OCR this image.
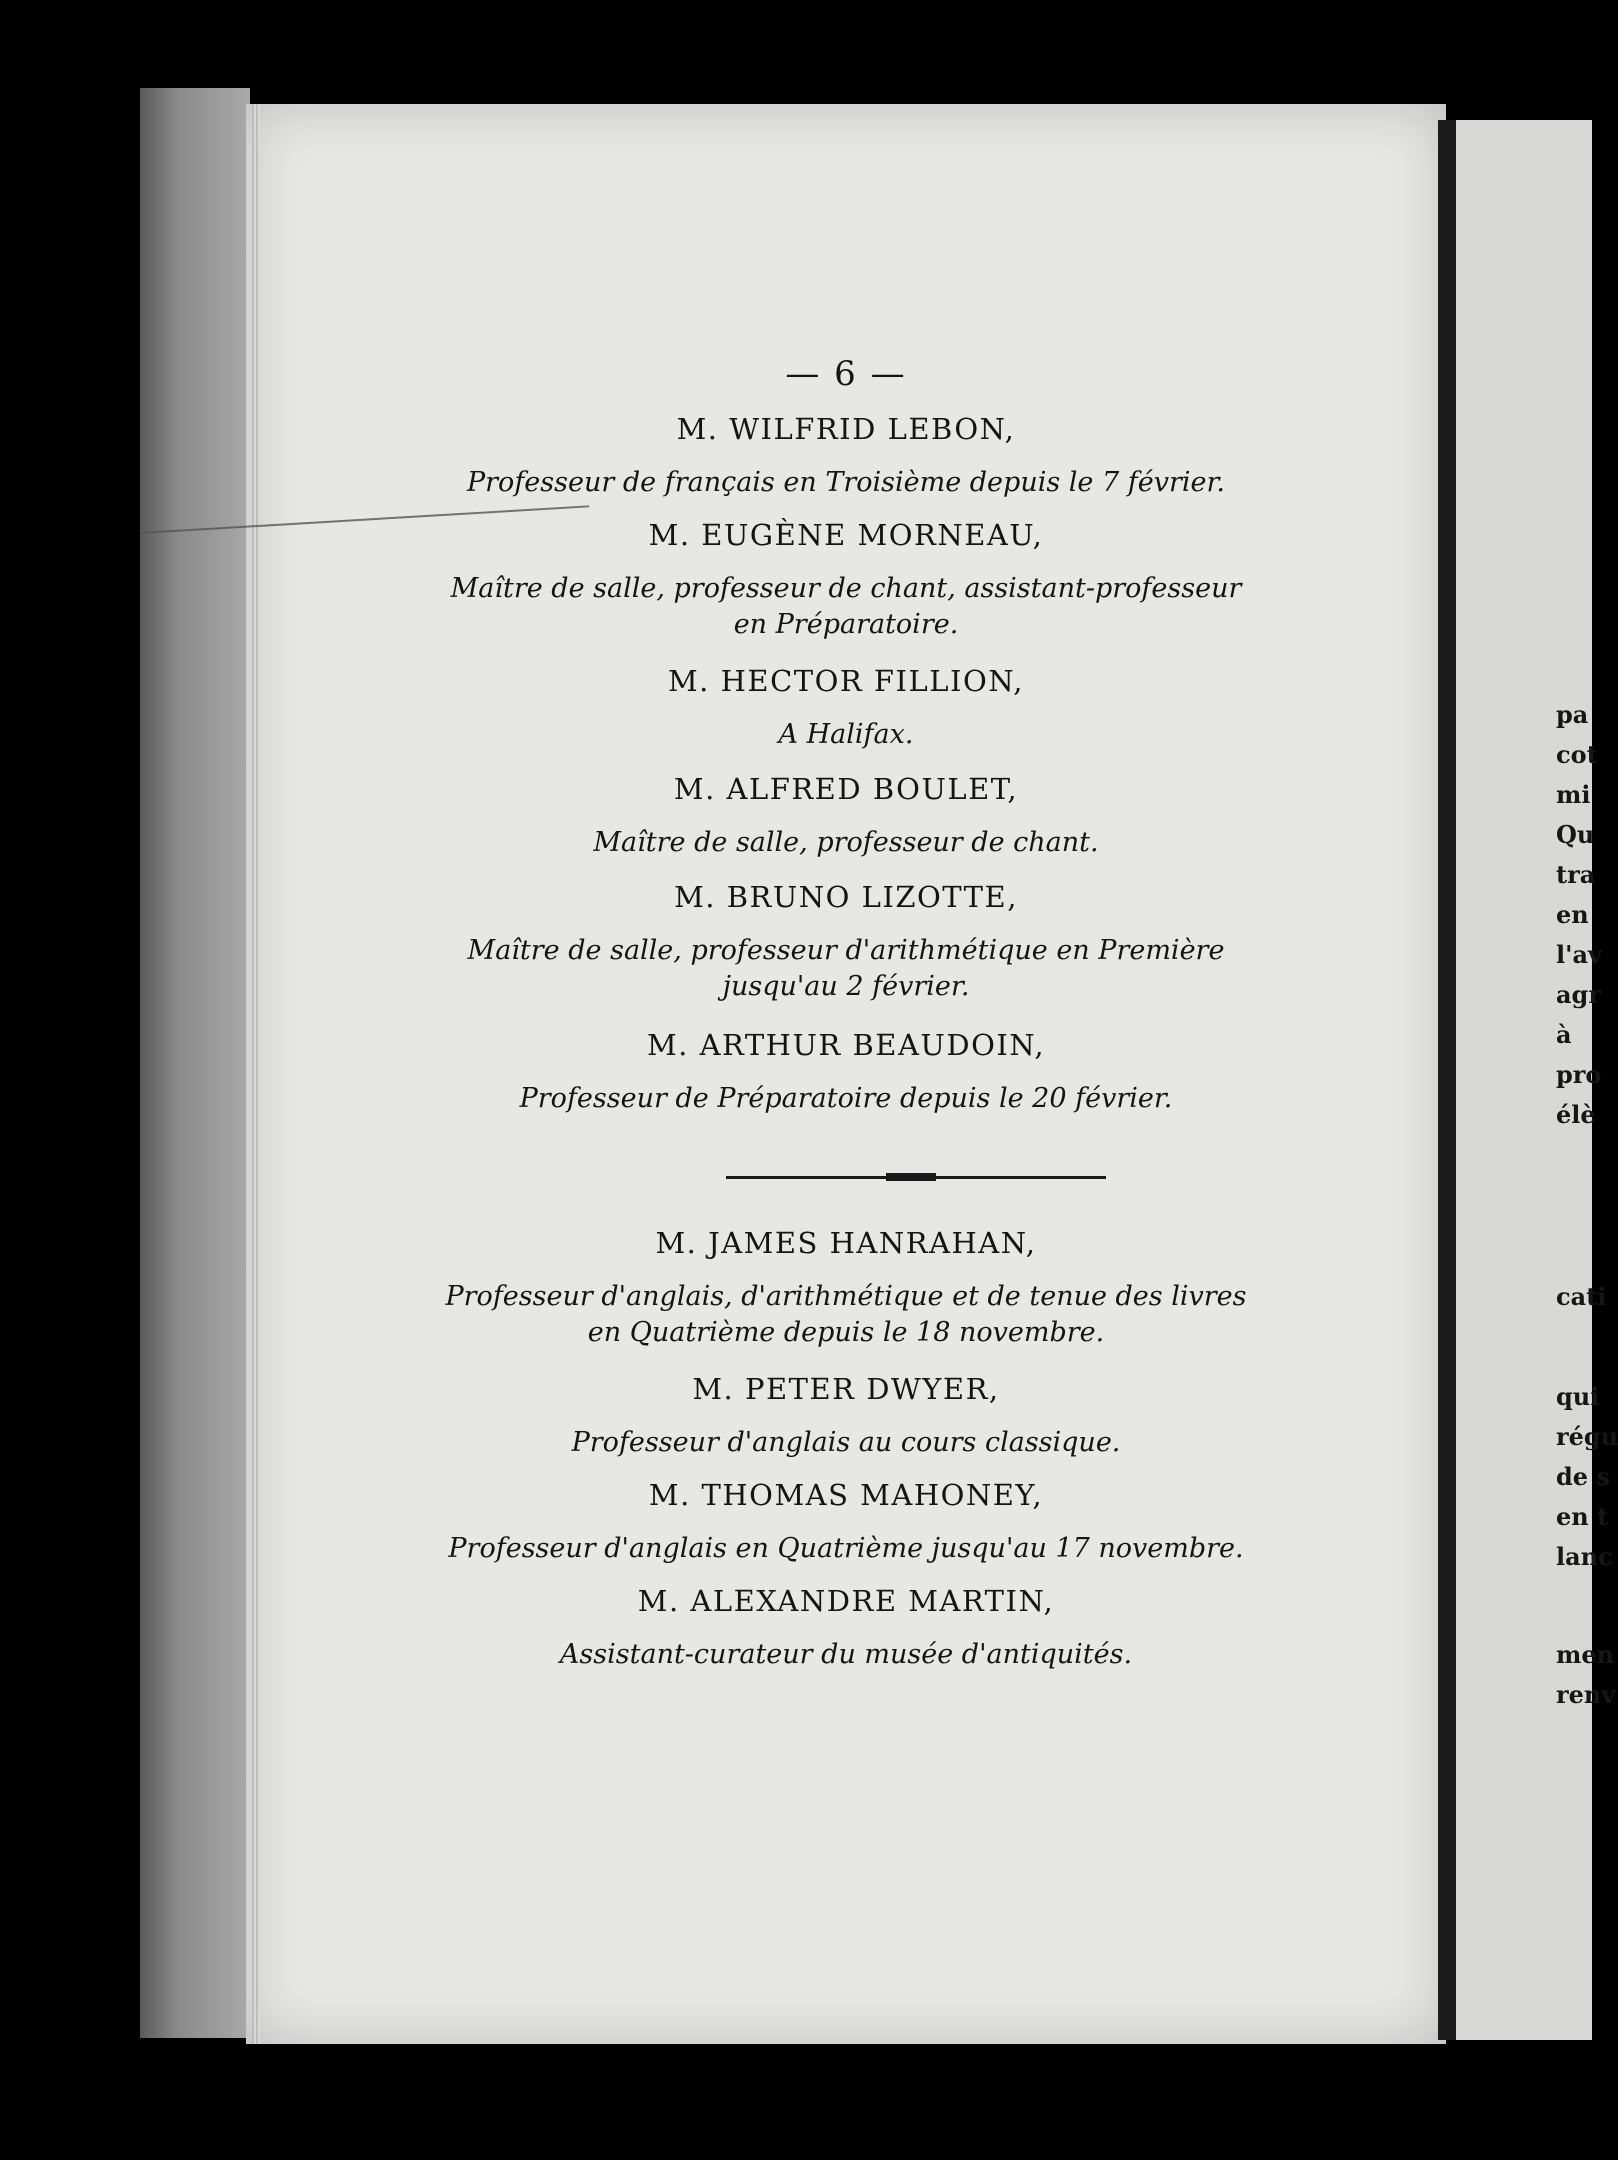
— 6 —
M. WILFRID LEBON,
Professeur de français en Troisième depuis le 7 février.
M. EUGÈNE MORNEAU,
Maître de salle, professeur de chant, assistant-professeur
en Préparatoire.
M. HECTOR FILLION,
A Halifax.
M. ALFRED BOULET,
Maître de salle, professeur de chant.
M. BRUNO LIZOTTE,
Maître de salle, professeur d'arithmétique en Première
jusqu'au 2 février.
M. ARTHUR BEAUDOIN,
Professeur de Préparatoire depuis le 20 février.
M. JAMES HANRAHAN,
Professeur d'anglais, d'arithmétique et de tenue des livres
en Quatrième depuis le 18 novembre.
M. PETER DWYER,
Professeur d'anglais au cours classique.
M. THOMAS MAHONEY,
Professeur d'anglais en Quatrième jusqu'au 17 novembre.
M. ALEXANDRE MARTIN,
Assistant-curateur du musée d'antiquités.
pa
cot
mi
Qu
tra
en
l'av
agr
à
pro
élè
cati
qui
régu
de s
en t
lanc
men
renv
